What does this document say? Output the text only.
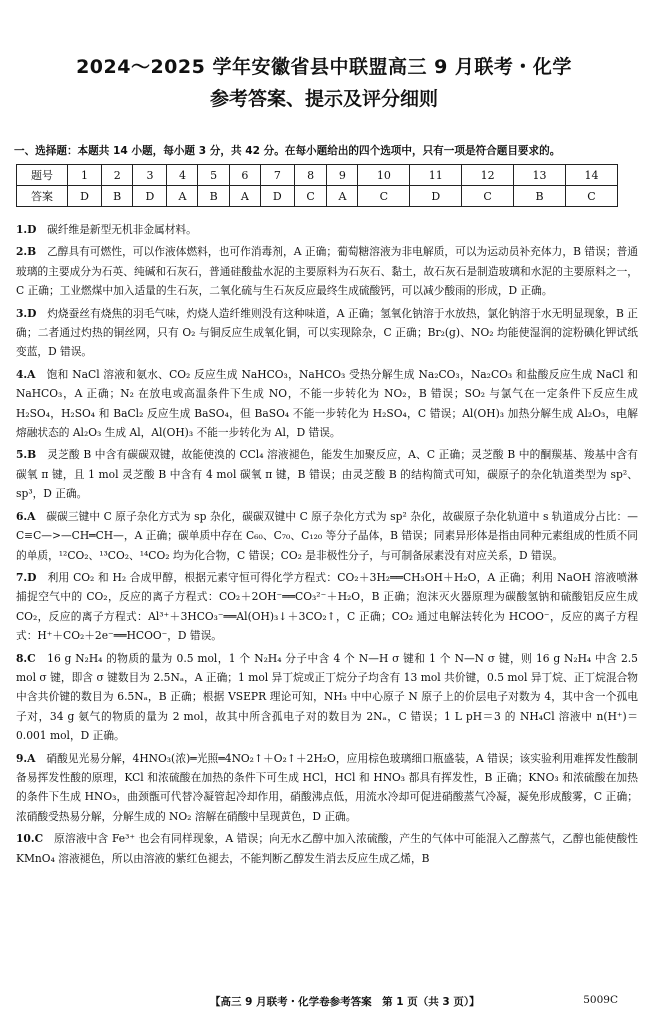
2024～2025 学年安徽省县中联盟高三 9 月联考・化学
参考答案、提示及评分细则
一、选择题：本题共 14 小题，每小题 3 分，共 42 分。在每小题给出的四个选项中，只有一项是符合题目要求的。
题号	1	2	3	4	5	6	7	8	9	10	11	12	13	14
答案	D	B	D	A	B	A	D	C	A	C	D	C	B	C

1.D　 碳纤维是新型无机非金属材料。

2.B　 乙醇具有可燃性，可以作液体燃料，也可作消毒剂，A 正确；葡萄糖溶液为非电解质，可以为运动员补充体力，B 错误；普通玻璃的主要成分为石英、纯碱和石灰石，普通硅酸盐水泥的主要原料为石灰石、黏土，故石灰石是制造玻璃和水泥的主要原料之一，C 正确；工业燃煤中加入适量的生石灰，二氧化硫与生石灰反应最终生成硫酸钙，可以减少酸雨的形成，D 正确。

3.D　 灼烧蚕丝有烧焦的羽毛气味，灼烧人造纤维则没有这种味道，A 正确；氢氧化钠溶于水放热，氯化钠溶于水无明显现象，B 正确；二者通过灼热的铜丝网，只有 O₂ 与铜反应生成氧化铜，可以实现除杂，C 正确；Br₂(g)、NO₂ 均能使湿润的淀粉碘化钾试纸变蓝，D 错误。

4.A　 饱和 NaCl 溶液和氨水、CO₂ 反应生成 NaHCO₃，NaHCO₃ 受热分解生成 Na₂CO₃，Na₂CO₃ 和盐酸反应生成 NaCl 和 NaHCO₃，A 正确；N₂ 在放电或高温条件下生成 NO，不能一步转化为 NO₂，B 错误；SO₂ 与氯气在一定条件下反应生成 H₂SO₄，H₂SO₄ 和 BaCl₂ 反应生成 BaSO₄，但 BaSO₄ 不能一步转化为 H₂SO₄，C 错误；Al(OH)₃ 加热分解生成 Al₂O₃，电解熔融状态的 Al₂O₃ 生成 Al，Al(OH)₃ 不能一步转化为 Al，D 错误。

5.B　 灵芝酸 B 中含有碳碳双键，故能使溴的 CCl₄ 溶液褪色，能发生加聚反应，A、C 正确；灵芝酸 B 中的酮羰基、羧基中含有碳氧 π 键，且 1 mol 灵芝酸 B 中含有 4 mol 碳氧 π 键，B 错误；由灵芝酸 B 的结构简式可知，碳原子的杂化轨道类型为 sp²、sp³，D 正确。

6.A　 碳碳三键中 C 原子杂化方式为 sp 杂化，碳碳双键中 C 原子杂化方式为 sp² 杂化，故碳原子杂化轨道中 s 轨道成分占比：—C≡C—>—CH═CH—，A 正确；碳单质中存在 C₆₀、C₇₀、C₁₂₀ 等分子晶体，B 错误；同素异形体是指由同种元素组成的性质不同的单质，¹²CO₂、¹³CO₂、¹⁴CO₂ 均为化合物，C 错误；CO₂ 是非极性分子，与可制备尿素没有对应关系，D 错误。

7.D　 利用 CO₂ 和 H₂ 合成甲醇，根据元素守恒可得化学方程式：CO₂＋3H₂══CH₃OH＋H₂O，A 正确；利用 NaOH 溶液喷淋捕捉空气中的 CO₂，反应的离子方程式：CO₂＋2OH⁻══CO₃²⁻＋H₂O，B 正确；泡沫灭火器原理为碳酸氢钠和硫酸铝反应生成 CO₂，反应的离子方程式：Al³⁺＋3HCO₃⁻══Al(OH)₃↓＋3CO₂↑，C 正确；CO₂ 通过电解法转化为 HCOO⁻，反应的离子方程式：H⁺＋CO₂＋2e⁻══HCOO⁻，D 错误。

8.C　 16 g N₂H₄ 的物质的量为 0.5 mol，1 个 N₂H₄ 分子中含 4 个 N—H σ 键和 1 个 N—N σ 键，则 16 g N₂H₄ 中含 2.5 mol σ 键，即含 σ 键数目为 2.5Nₐ，A 正确；1 mol 异丁烷或正丁烷分子均含有 13 mol 共价键，0.5 mol 异丁烷、正丁烷混合物中含共价键的数目为 6.5Nₐ，B 正确；根据 VSEPR 理论可知，NH₃ 中中心原子 N 原子上的价层电子对数为 4，其中含一个孤电子对，34 g 氨气的物质的量为 2 mol，故其中所含孤电子对的数目为 2Nₐ，C 错误；1 L pH＝3 的 NH₄Cl 溶液中 n(H⁺)＝0.001 mol，D 正确。

9.A　 硝酸见光易分解，4HNO₃(浓)═光照═4NO₂↑＋O₂↑＋2H₂O，应用棕色玻璃细口瓶盛装，A 错误；该实验利用难挥发性酸制备易挥发性酸的原理，KCl 和浓硫酸在加热的条件下可生成 HCl，HCl 和 HNO₃ 都具有挥发性，B 正确；KNO₃ 和浓硫酸在加热的条件下生成 HNO₃，曲颈甑可代替冷凝管起冷却作用，硝酸沸点低，用流水冷却可促进硝酸蒸气冷凝，凝免形成酸雾，C 正确；浓硝酸受热易分解，分解生成的 NO₂ 溶解在硝酸中呈现黄色，D 正确。

10.C　 原溶液中含 Fe³⁺ 也会有同样现象，A 错误；向无水乙醇中加入浓硫酸，产生的气体中可能混入乙醇蒸气，乙醇也能使酸性 KMnO₄ 溶液褪色，所以由溶液的紫红色褪去，不能判断乙醇发生消去反应生成乙烯，B

【高三 9 月联考・化学卷参考答案　第 1 页（共 3 页）】	5009C
